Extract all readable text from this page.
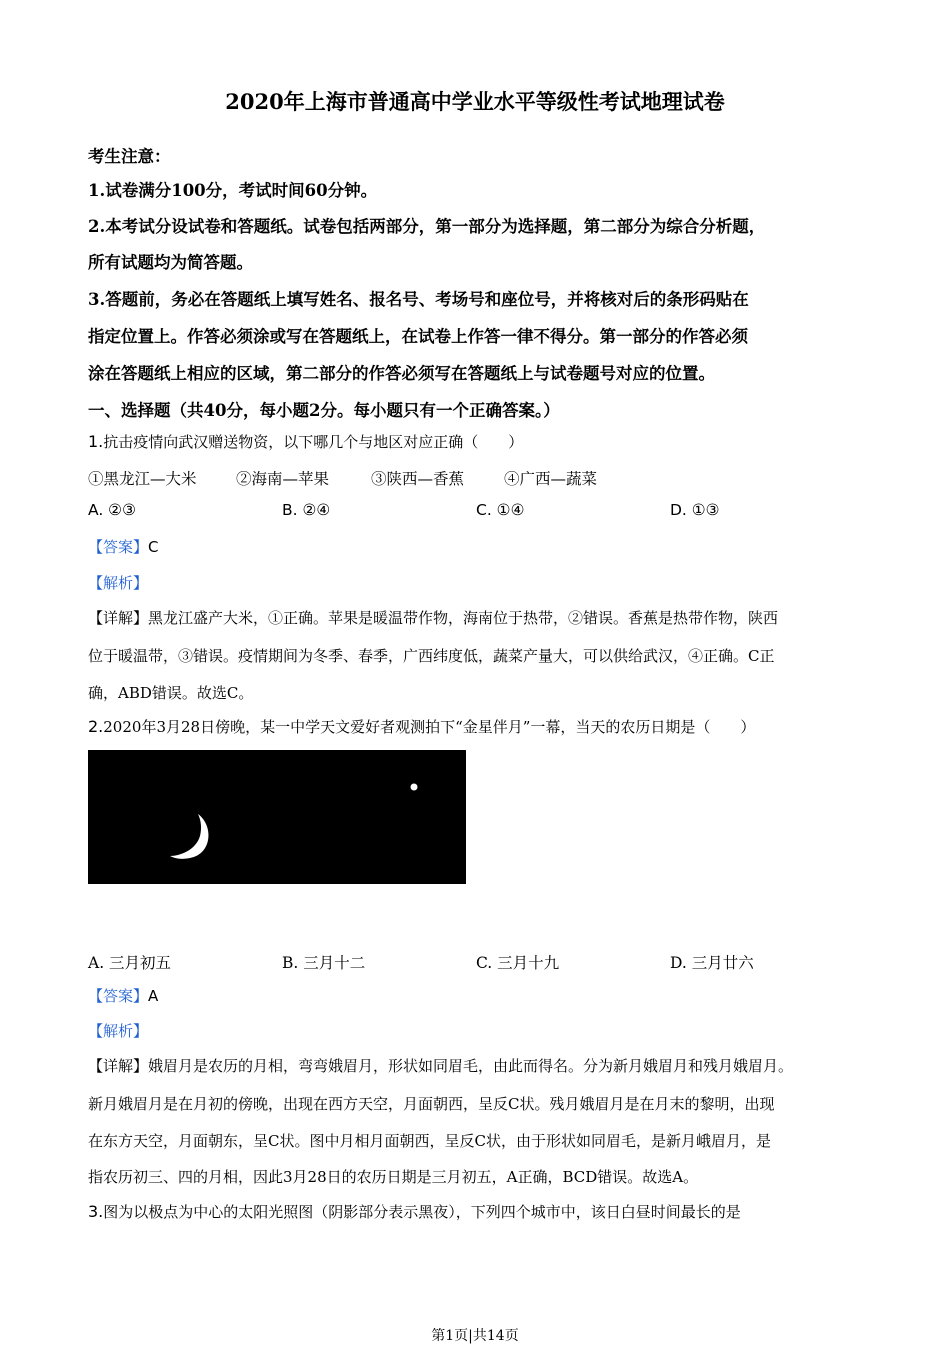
2020年上海市普通高中学业水平等级性考试地理试卷
考生注意：
1.试卷满分100分，考试时间60分钟。
2.本考试分设试卷和答题纸。试卷包括两部分，第一部分为选择题，第二部分为综合分析题，
所有试题均为简答题。
3.答题前，务必在答题纸上填写姓名、报名号、考场号和座位号，并将核对后的条形码贴在
指定位置上。作答必须涂或写在答题纸上，在试卷上作答一律不得分。第一部分的作答必须
涂在答题纸上相应的区域，第二部分的作答必须写在答题纸上与试卷题号对应的位置。
一、选择题（共40分，每小题2分。每小题只有一个正确答案。）
1.抗击疫情向武汉赠送物资，以下哪几个与地区对应正确（　　）
①黑龙江—大米	②海南—苹果	③陕西—香蕉	④广西—蔬菜
A. ②③	B. ②④	C. ①④	D. ①③
【答案】C
【解析】
【详解】黑龙江盛产大米，①正确。苹果是暖温带作物，海南位于热带，②错误。香蕉是热带作物，陕西
位于暖温带，③错误。疫情期间为冬季、春季，广西纬度低，蔬菜产量大，可以供给武汉，④正确。C正
确，ABD错误。故选C。
2.2020年3月28日傍晚，某一中学天文爱好者观测拍下“金星伴月”一幕，当天的农历日期是（　　）
A. 三月初五	B. 三月十二	C. 三月十九	D. 三月廿六
【答案】A
【解析】
【详解】娥眉月是农历的月相，弯弯娥眉月，形状如同眉毛，由此而得名。分为新月娥眉月和残月娥眉月。
新月娥眉月是在月初的傍晚，出现在西方天空，月面朝西，呈反C状。残月娥眉月是在月末的黎明，出现
在东方天空，月面朝东，呈C状。图中月相月面朝西，呈反C状，由于形状如同眉毛，是新月峨眉月，是
指农历初三、四的月相，因此3月28日的农历日期是三月初五，A正确，BCD错误。故选A。
3.图为以极点为中心的太阳光照图（阴影部分表示黑夜），下列四个城市中，该日白昼时间最长的是
第1页|共14页
